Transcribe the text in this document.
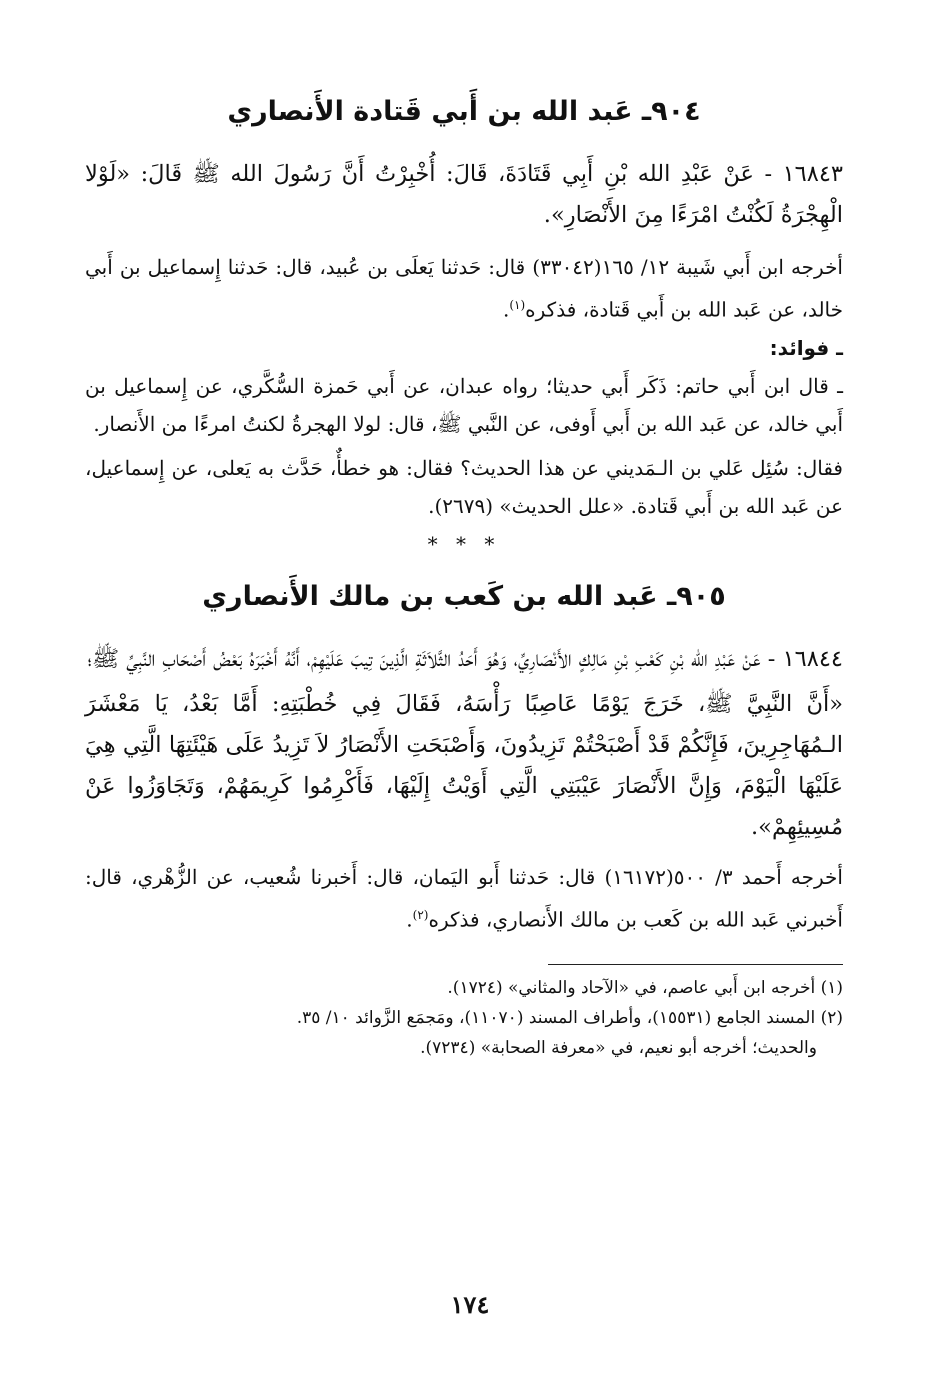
٩٠٤ـ عَبد الله بن أَبي قَتادة الأَنصاري

١٦٨٤٣ - عَنْ عَبْدِ الله بْنِ أَبِي قَتَادَةَ، قَالَ: أُخْبِرْتُ أَنَّ رَسُولَ الله ﷺ قَالَ: «لَوْلا الْهِجْرَةُ لَكُنْتُ امْرَءًا مِنَ الأَنْصَارِ».

أخرجه ابن أَبي شَيبة ١٢/ ١٦٥(٣٣٠٤٢) قال: حَدثنا يَعلَى بن عُبيد، قال: حَدثنا إِسماعيل بن أَبي خالد، عن عَبد الله بن أَبي قَتادة، فذكره$^{(١)}$.

ـ فوائد:

ـ قال ابن أَبي حاتم: ذَكَر أَبي حديثا؛ رواه عبدان، عن أَبي حَمزة السُّكَّري، عن إِسماعيل بن أَبي خالد، عن عَبد الله بن أَبي أَوفى، عن النَّبي ﷺ، قال: لولا الهجرةُ لكنتُ امرءًا من الأَنصار.

فقال: سُئِل عَلي بن الـمَديني عن هذا الحديث؟ فقال: هو خطأٌ، حَدَّث به يَعلى، عن إِسماعيل، عن عَبد الله بن أَبي قَتادة. «علل الحديث» (٢٦٧٩).

* * *

٩٠٥ـ عَبد الله بن كَعب بن مالك الأَنصاري

١٦٨٤٤ - عَنْ عَبْدِ الله بْنِ كَعْبِ بْنِ مَالِكٍ الأَنْصَارِيِّ، وَهُوَ أَحَدُ الثَّلاَثَةِ الَّذِينَ تِيبَ عَلَيْهِمْ، أَنَّهُ أَخْبَرَهُ بَعْضُ أَصْحَابِ النَّبِيِّ ﷺ؛

«أَنَّ النَّبِيَّ ﷺ، خَرَجَ يَوْمًا عَاصِبًا رَأْسَهُ، فَقَالَ فِي خُطْبَتِهِ: أَمَّا بَعْدُ، يَا مَعْشَرَ الـمُهَاجِرِينَ، فَإِنَّكُمْ قَدْ أَصْبَحْتُمْ تَزِيدُونَ، وَأَصْبَحَتِ الأَنْصَارُ لاَ تَزِيدُ عَلَى هَيْئَتِهَا الَّتِي هِيَ عَلَيْهَا الْيَوْمَ، وَإِنَّ الأَنْصَارَ عَيْبَتِي الَّتِي أَوَيْتُ إِلَيْهَا، فَأَكْرِمُوا كَرِيمَهُمْ، وَتَجَاوَزُوا عَنْ مُسِيئِهِمْ».

أخرجه أَحمد ٣/ ٥٠٠(١٦١٧٢) قال: حَدثنا أَبو اليَمان، قال: أَخبرنا شُعيب، عن الزُّهْري، قال: أَخبرني عَبد الله بن كَعب بن مالك الأَنصاري، فذكره$^{(٢)}$.

(١) أخرجه ابن أَبي عاصم، في «الآحاد والمثاني» (١٧٢٤).

(٢) المسند الجامع (١٥٥٣١)، وأطراف المسند (١١٠٧٠)، ومَجمَع الزَّوائد ١٠/ ٣٥.

والحديث؛ أخرجه أبو نعيم، في «معرفة الصحابة» (٧٢٣٤).

١٧٤
